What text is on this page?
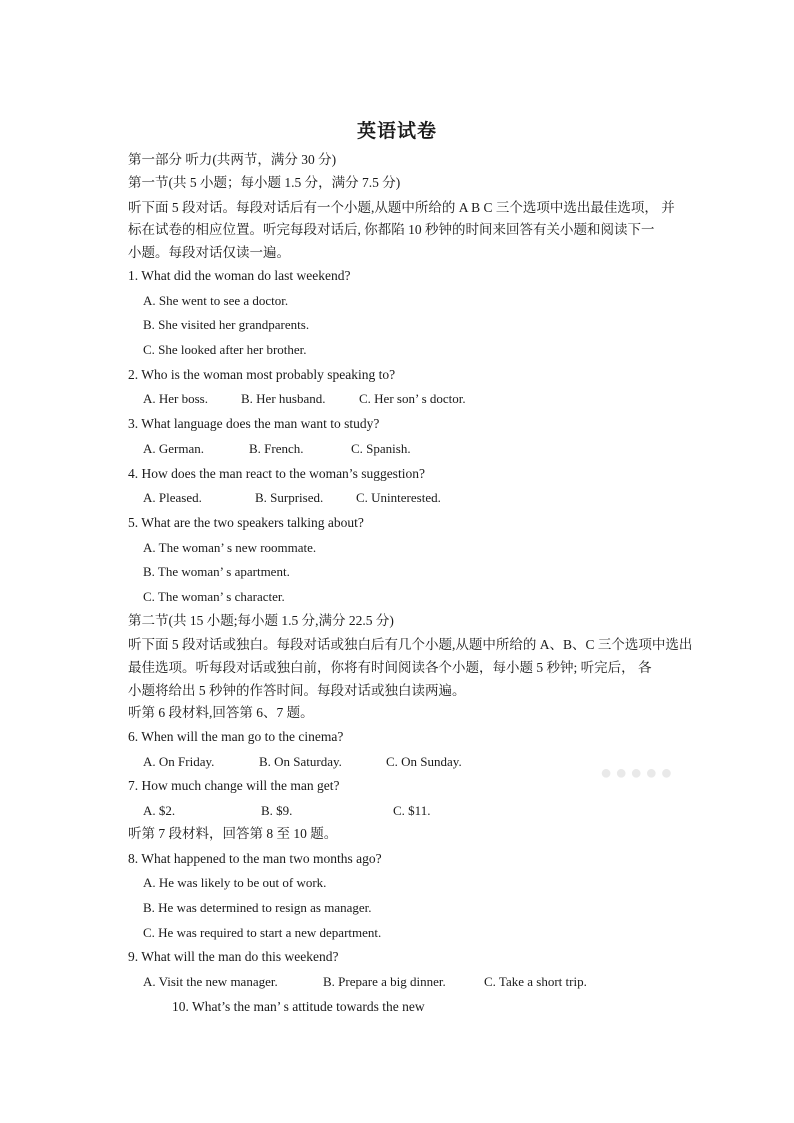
英语试卷
第一部分 听力(共两节，满分 30 分)
第一节(共 5 小题；每小题 1.5 分，满分 7.5 分)
听下面 5 段对话。每段对话后有一个小题,从题中所给的 A B C 三个选项中选出最佳选项， 并
标在试卷的相应位置。听完每段对话后, 你都陷 10 秒钟的时间来回答有关小题和阅读下一
小题。每段对话仅读一遍。
1. What did the woman do last weekend?
A. She went to see a doctor.
B. She visited her grandparents.
C. She looked after her brother.
2. Who is the woman most probably speaking to?
A. Her boss.	B. Her husband.	C. Her son’ s doctor.
3. What language does the man want to study?
A. German.	B. French.	C. Spanish.
4. How does the man react to the woman’s suggestion?
A. Pleased.	B. Surprised.	C. Uninterested.
5. What are the two speakers talking about?
A. The woman’ s new roommate.
B. The woman’ s apartment.
C. The woman’ s character.
第二节(共 15 小题;每小题 1.5 分,满分 22.5 分)
听下面 5 段对话或独白。每段对话或独白后有几个小题,从题中所给的 A、B、C 三个选项中选出
最佳选项。听每段对话或独白前，你将有时间阅读各个小题，每小题 5 秒钟; 听完后， 各
小题将给出 5 秒钟的作答时间。每段对话或独白读两遍。
听第 6 段材料,回答第 6、7 题。
6. When will the man go to the cinema?
A. On Friday.	B. On Saturday.	C. On Sunday.
7. How much change will the man get?
A. $2.	B. $9.	C. $11.
听第 7 段材料，回答第 8 至 10 题。
8. What happened to the man two months ago?
A. He was likely to be out of work.
B. He was determined to resign as manager.
C. He was required to start a new department.
9. What will the man do this weekend?
A. Visit the new manager.	B. Prepare a big dinner.	C. Take a short trip.
10. What’s the man’ s attitude towards the new
●●●●●
